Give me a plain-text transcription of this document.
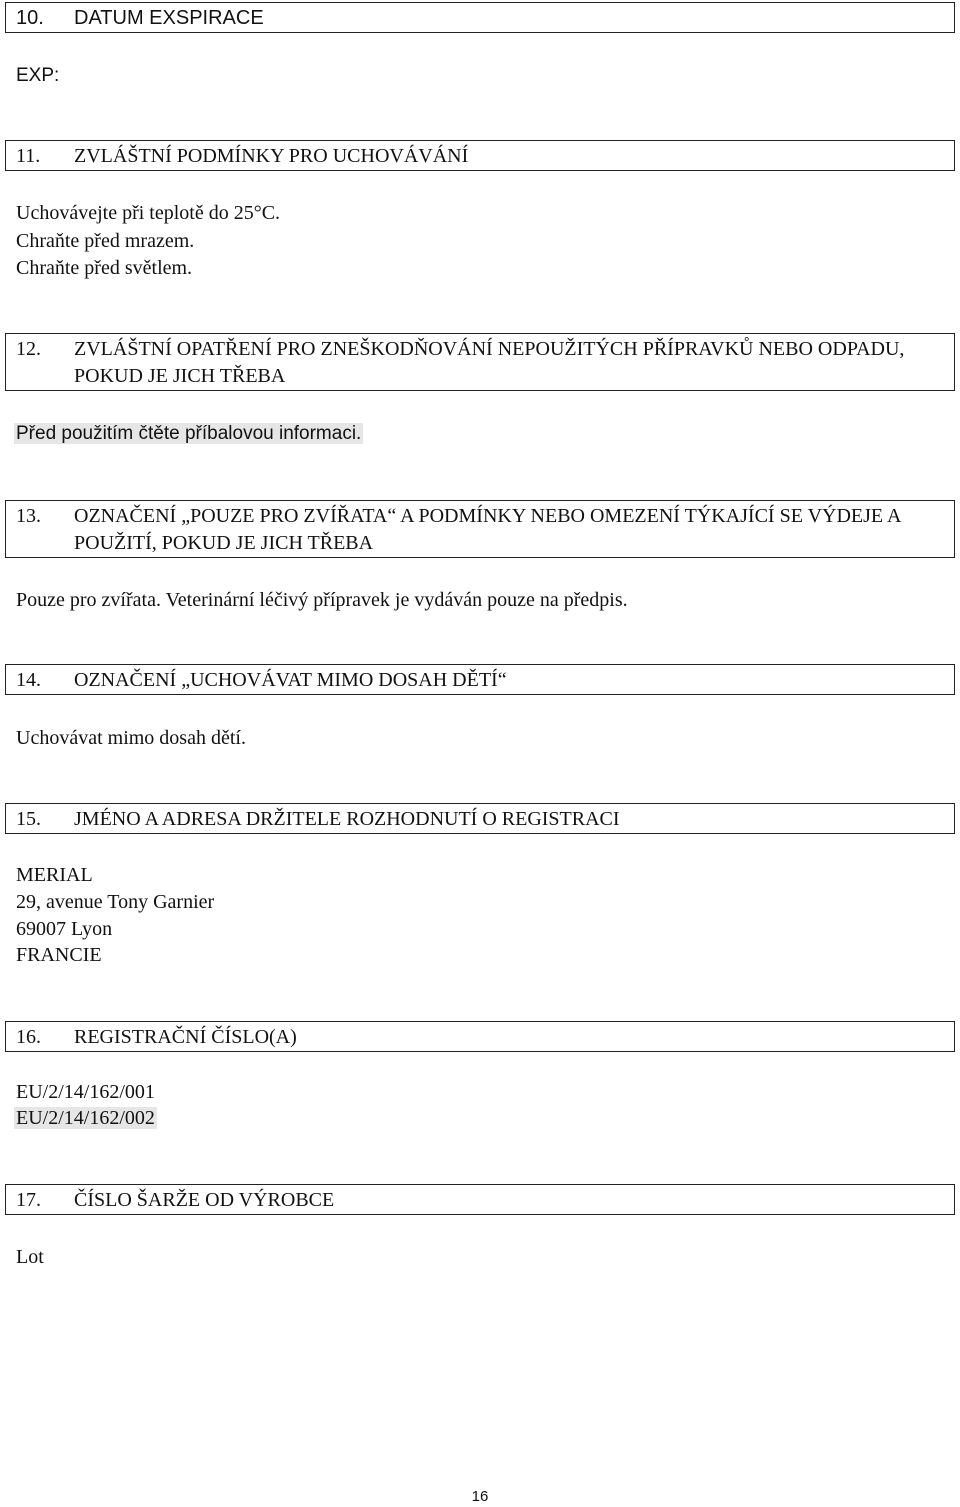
10. DATUM EXSPIRACE
EXP:
11. ZVLÁŠTNÍ PODMÍNKY PRO UCHOVÁVÁNÍ
Uchovávejte při teplotě do 25°C.
Chraňte před mrazem.
Chraňte před světlem.
12. ZVLÁŠTNÍ OPATŘENÍ PRO ZNEŠKODŇOVÁNÍ NEPOUŽITÝCH PŘÍPRAVKŮ NEBO ODPADU, POKUD JE JICH TŘEBA
Před použitím čtěte příbalovou informaci.
13. OZNAČENÍ „POUZE PRO ZVÍŘATA“ A PODMÍNKY NEBO OMEZENÍ TÝKAJÍCÍ SE VÝDEJE A POUŽITÍ, POKUD JE JICH TŘEBA
Pouze pro zvířata. Veterinární léčivý přípravek je vydáván pouze na předpis.
14. OZNAČENÍ „UCHOVÁVAT MIMO DOSAH DĚTÍ“
Uchovávat mimo dosah dětí.
15. JMÉNO A ADRESA DRŽITELE ROZHODNUTÍ O REGISTRACI
MERIAL
29, avenue Tony Garnier
69007 Lyon
FRANCIE
16. REGISTRAČNÍ ČÍSLO(A)
EU/2/14/162/001
EU/2/14/162/002
17. ČÍSLO ŠARŽE OD VÝROBCE
Lot
16
